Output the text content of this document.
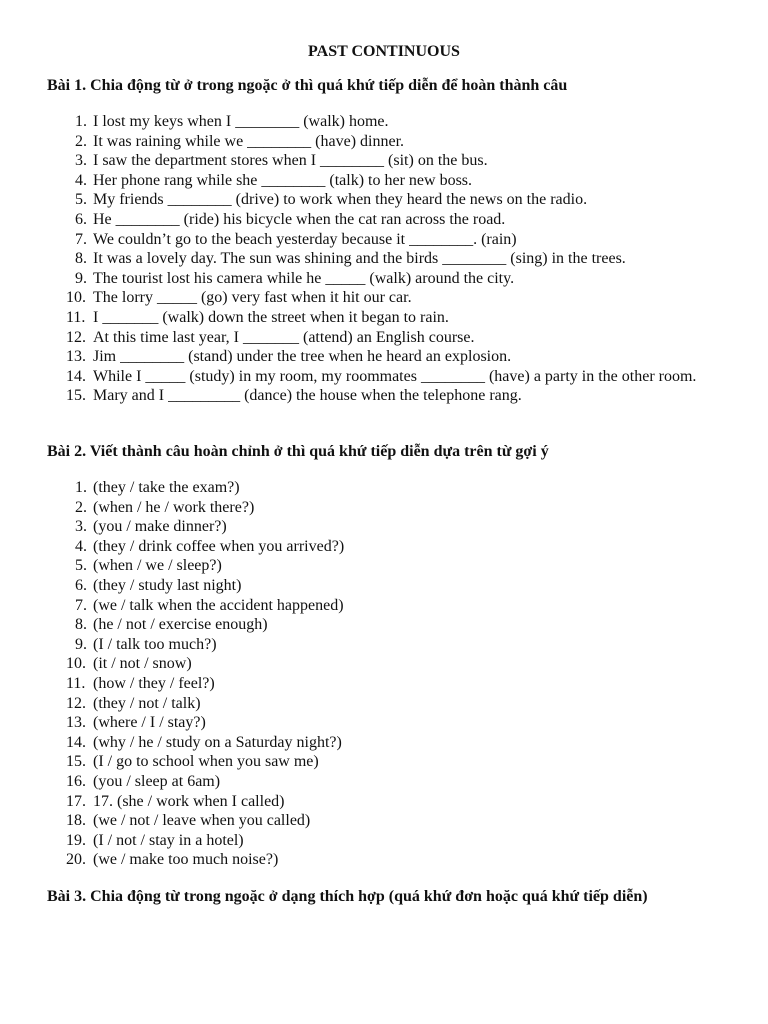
PAST CONTINUOUS
Bài 1. Chia động từ ở trong ngoặc ở thì quá khứ tiếp diễn để hoàn thành câu
1. I lost my keys when I ________ (walk) home.
2. It was raining while we ________ (have) dinner.
3. I saw the department stores when I ________ (sit) on the bus.
4. Her phone rang while she ________ (talk) to her new boss.
5. My friends ________ (drive) to work when they heard the news on the radio.
6. He ________ (ride) his bicycle when the cat ran across the road.
7. We couldn’t go to the beach yesterday because it ________. (rain)
8. It was a lovely day. The sun was shining and the birds ________ (sing) in the trees.
9. The tourist lost his camera while he _____ (walk) around the city.
10. The lorry _____ (go) very fast when it hit our car.
11. I _______ (walk) down the street when it began to rain.
12. At this time last year, I _______ (attend) an English course.
13. Jim ________ (stand) under the tree when he heard an explosion.
14. While I _____ (study) in my room, my roommates ________ (have) a party in the other room.
15. Mary and I _________ (dance) the house when the telephone rang.
Bài 2. Viết thành câu hoàn chỉnh ở thì quá khứ tiếp diễn dựa trên từ gợi ý
1. (they / take the exam?)
2. (when / he / work there?)
3. (you / make dinner?)
4. (they / drink coffee when you arrived?)
5. (when / we / sleep?)
6. (they / study last night)
7. (we / talk when the accident happened)
8. (he / not / exercise enough)
9. (I / talk too much?)
10. (it / not / snow)
11. (how / they / feel?)
12. (they / not / talk)
13. (where / I / stay?)
14. (why / he / study on a Saturday night?)
15. (I / go to school when you saw me)
16. (you / sleep at 6am)
17. 17. (she / work when I called)
18. (we / not / leave when you called)
19. (I / not / stay in a hotel)
20. (we / make too much noise?)
Bài 3. Chia động từ trong ngoặc ở dạng thích hợp (quá khứ đơn hoặc quá khứ tiếp diễn)
